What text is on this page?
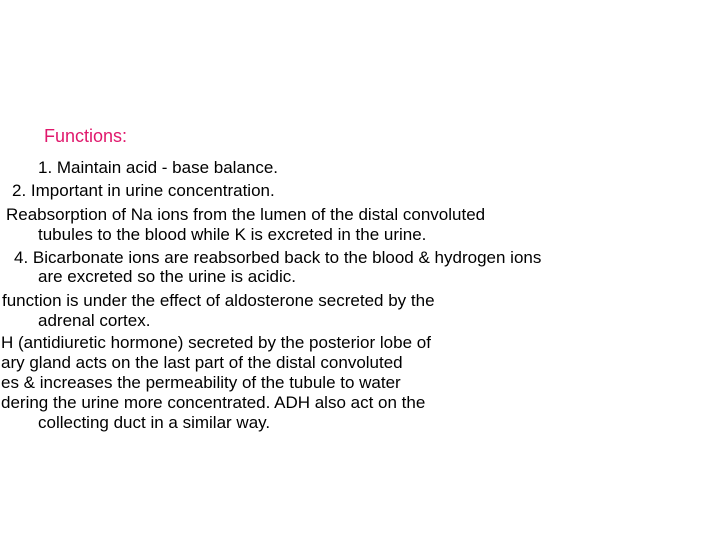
Functions:
1. Maintain acid - base balance.
2. Important in urine concentration.
Reabsorption of Na ions from the lumen of the distal convoluted
tubules to the blood while K is excreted in the urine.
4. Bicarbonate ions are reabsorbed back to the blood & hydrogen ions
are excreted so the urine is acidic.
function is under the effect of aldosterone secreted by the
adrenal cortex.
H (antidiuretic hormone) secreted by the posterior lobe of
ary gland acts on the last part of the distal convoluted
es & increases the permeability of the tubule to water
dering the urine more concentrated. ADH also act on the
collecting duct in a similar way.
